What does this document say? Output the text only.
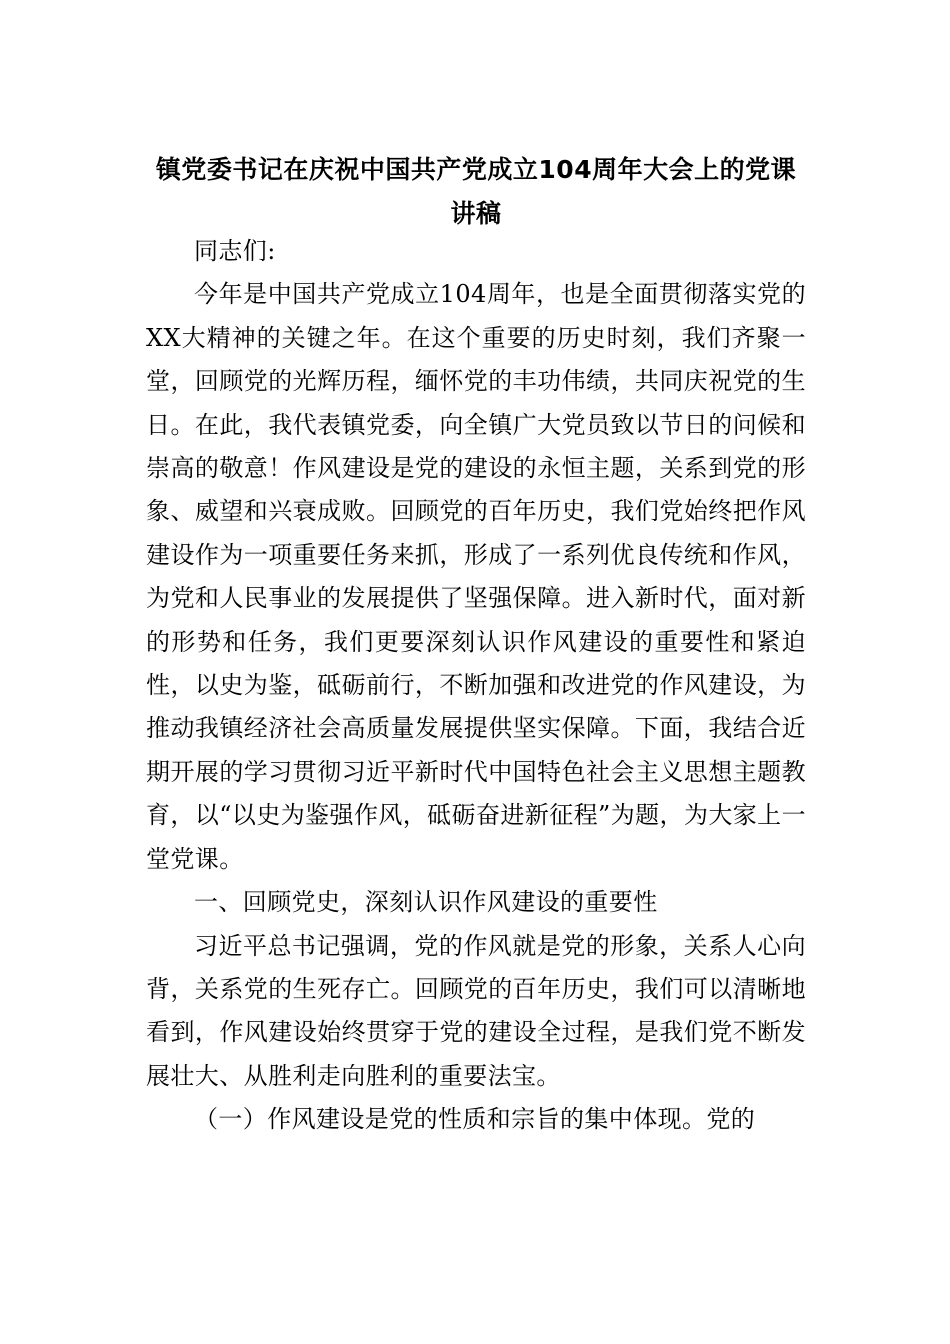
镇党委书记在庆祝中国共产党成立104周年大会上的党课讲稿

同志们:

今年是中国共产党成立104周年，也是全面贯彻落实党的XX大精神的关键之年。在这个重要的历史时刻，我们齐聚一堂，回顾党的光辉历程，缅怀党的丰功伟绩，共同庆祝党的生日。在此，我代表镇党委，向全镇广大党员致以节日的问候和崇高的敬意！作风建设是党的建设的永恒主题，关系到党的形象、威望和兴衰成败。回顾党的百年历史，我们党始终把作风建设作为一项重要任务来抓，形成了一系列优良传统和作风，为党和人民事业的发展提供了坚强保障。进入新时代，面对新的形势和任务，我们更要深刻认识作风建设的重要性和紧迫性，以史为鉴，砥砺前行，不断加强和改进党的作风建设，为推动我镇经济社会高质量发展提供坚实保障。下面，我结合近期开展的学习贯彻习近平新时代中国特色社会主义思想主题教育，以“以史为鉴强作风，砥砺奋进新征程”为题，为大家上一堂党课。

一、回顾党史，深刻认识作风建设的重要性

习近平总书记强调，党的作风就是党的形象，关系人心向背，关系党的生死存亡。回顾党的百年历史，我们可以清晰地看到，作风建设始终贯穿于党的建设全过程，是我们党不断发展壮大、从胜利走向胜利的重要法宝。

（一）作风建设是党的性质和宗旨的集中体现。党的
